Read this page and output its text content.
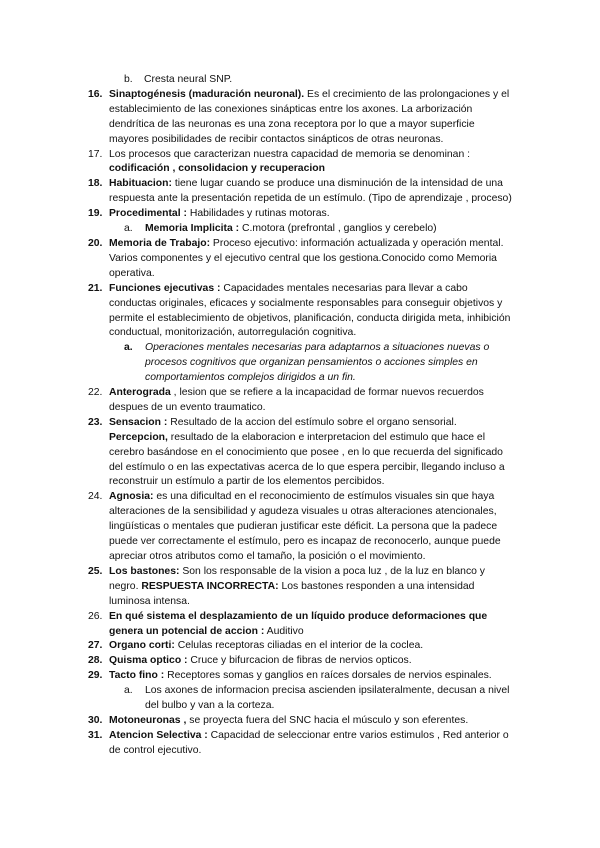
b. Cresta neural SNP.

16. Sinaptogénesis (maduración neuronal). Es el crecimiento de las prolongaciones y el establecimiento de las conexiones sinápticas entre los axones. La arborización dendrítica de las neuronas es una zona receptora por lo que a mayor superficie mayores posibilidades de recibir contactos sinápticos de otras neuronas.

17. Los procesos que caracterizan nuestra capacidad de memoria se denominan : codificación , consolidacion y recuperacion

18. Habituacion: tiene lugar cuando se produce una disminución de la intensidad de una respuesta ante la presentación repetida de un estímulo. (Tipo de aprendizaje , proceso)

19. Procedimental : Habilidades y rutinas motoras.

a. Memoria Implicita : C.motora (prefrontal , ganglios y cerebelo)

20. Memoria de Trabajo: Proceso ejecutivo: información actualizada y operación mental. Varios componentes y el ejecutivo central que los gestiona.Conocido como Memoria operativa.

21. Funciones ejecutivas : Capacidades mentales necesarias para llevar a cabo conductas originales, eficaces y socialmente responsables para conseguir objetivos y permite el establecimiento de objetivos, planificación, conducta dirigida meta, inhibición conductual, monitorización, autorregulación cognitiva.

a. Operaciones mentales necesarias para adaptarnos a situaciones nuevas o procesos cognitivos que organizan pensamientos o acciones simples en comportamientos complejos dirigidos a un fin.

22. Anterograda , lesion que se refiere a la incapacidad de formar nuevos recuerdos despues de un evento traumatico.

23. Sensacion : Resultado de la accion del estímulo sobre el organo sensorial.
Percepcion, resultado de la elaboracion e interpretacion del estimulo que hace el cerebro basándose en el conocimiento que posee , en lo que recuerda del significado del estímulo o en las expectativas acerca de lo que espera percibir, llegando incluso a reconstruir un estímulo a partir de los elementos percibidos.

24. Agnosia: es una dificultad en el reconocimiento de estímulos visuales sin que haya alteraciones de la sensibilidad y agudeza visuales u otras alteraciones atencionales, lingüísticas o mentales que pudieran justificar este déficit. La persona que la padece puede ver correctamente el estímulo, pero es incapaz de reconocerlo, aunque puede apreciar otros atributos como el tamaño, la posición o el movimiento.

25. Los bastones: Son los responsable de la vision a poca luz , de la luz en blanco y negro. RESPUESTA INCORRECTA: Los bastones responden a una intensidad luminosa intensa.

26. En qué sistema el desplazamiento de un líquido produce deformaciones que genera un potencial de accion : Auditivo

27. Organo corti: Celulas receptoras ciliadas en el interior de la coclea.

28. Quisma optico : Cruce y bifurcacion de fibras de nervios opticos.

29. Tacto fino : Receptores somas y ganglios en raíces dorsales de nervios espinales.

a. Los axones de informacion precisa ascienden ipsilateralmente, decusan a nivel del bulbo y van a la corteza.

30. Motoneuronas , se proyecta fuera del SNC hacia el músculo y son eferentes.

31. Atencion Selectiva : Capacidad de seleccionar entre varios estimulos , Red anterior o de control ejecutivo.
